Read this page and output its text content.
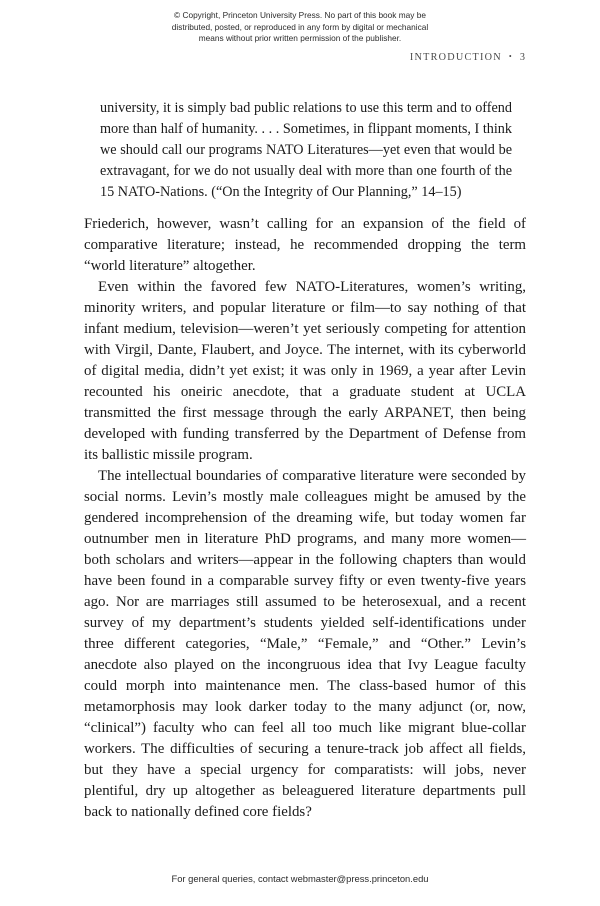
© Copyright, Princeton University Press. No part of this book may be
distributed, posted, or reproduced in any form by digital or mechanical
means without prior written permission of the publisher.
INTRODUCTION • 3

university, it is simply bad public relations to use this term and to offend more than half of humanity. . . . Sometimes, in flippant moments, I think we should call our programs NATO Literatures—yet even that would be extravagant, for we do not usually deal with more than one fourth of the 15 NATO-Nations. (“On the Integrity of Our Planning,” 14–15)

Friederich, however, wasn’t calling for an expansion of the field of comparative literature; instead, he recommended dropping the term “world literature” altogether.

Even within the favored few NATO-Literatures, women’s writing, minority writers, and popular literature or film—to say nothing of that infant medium, television—weren’t yet seriously competing for attention with Virgil, Dante, Flaubert, and Joyce. The internet, with its cyberworld of digital media, didn’t yet exist; it was only in 1969, a year after Levin recounted his oneiric anecdote, that a graduate student at UCLA transmitted the first message through the early ARPANET, then being developed with funding transferred by the Department of Defense from its ballistic missile program.

The intellectual boundaries of comparative literature were seconded by social norms. Levin’s mostly male colleagues might be amused by the gendered incomprehension of the dreaming wife, but today women far outnumber men in literature PhD programs, and many more women—both scholars and writers—appear in the following chapters than would have been found in a comparable survey fifty or even twenty-five years ago. Nor are marriages still assumed to be heterosexual, and a recent survey of my department’s students yielded self-identifications under three different categories, “Male,” “Female,” and “Other.” Levin’s anecdote also played on the incongruous idea that Ivy League faculty could morph into maintenance men. The class-based humor of this metamorphosis may look darker today to the many adjunct (or, now, “clinical”) faculty who can feel all too much like migrant blue-collar workers. The difficulties of securing a tenure-track job affect all fields, but they have a special urgency for comparatists: will jobs, never plentiful, dry up altogether as beleaguered literature departments pull back to nationally defined core fields?

For general queries, contact webmaster@press.princeton.edu
